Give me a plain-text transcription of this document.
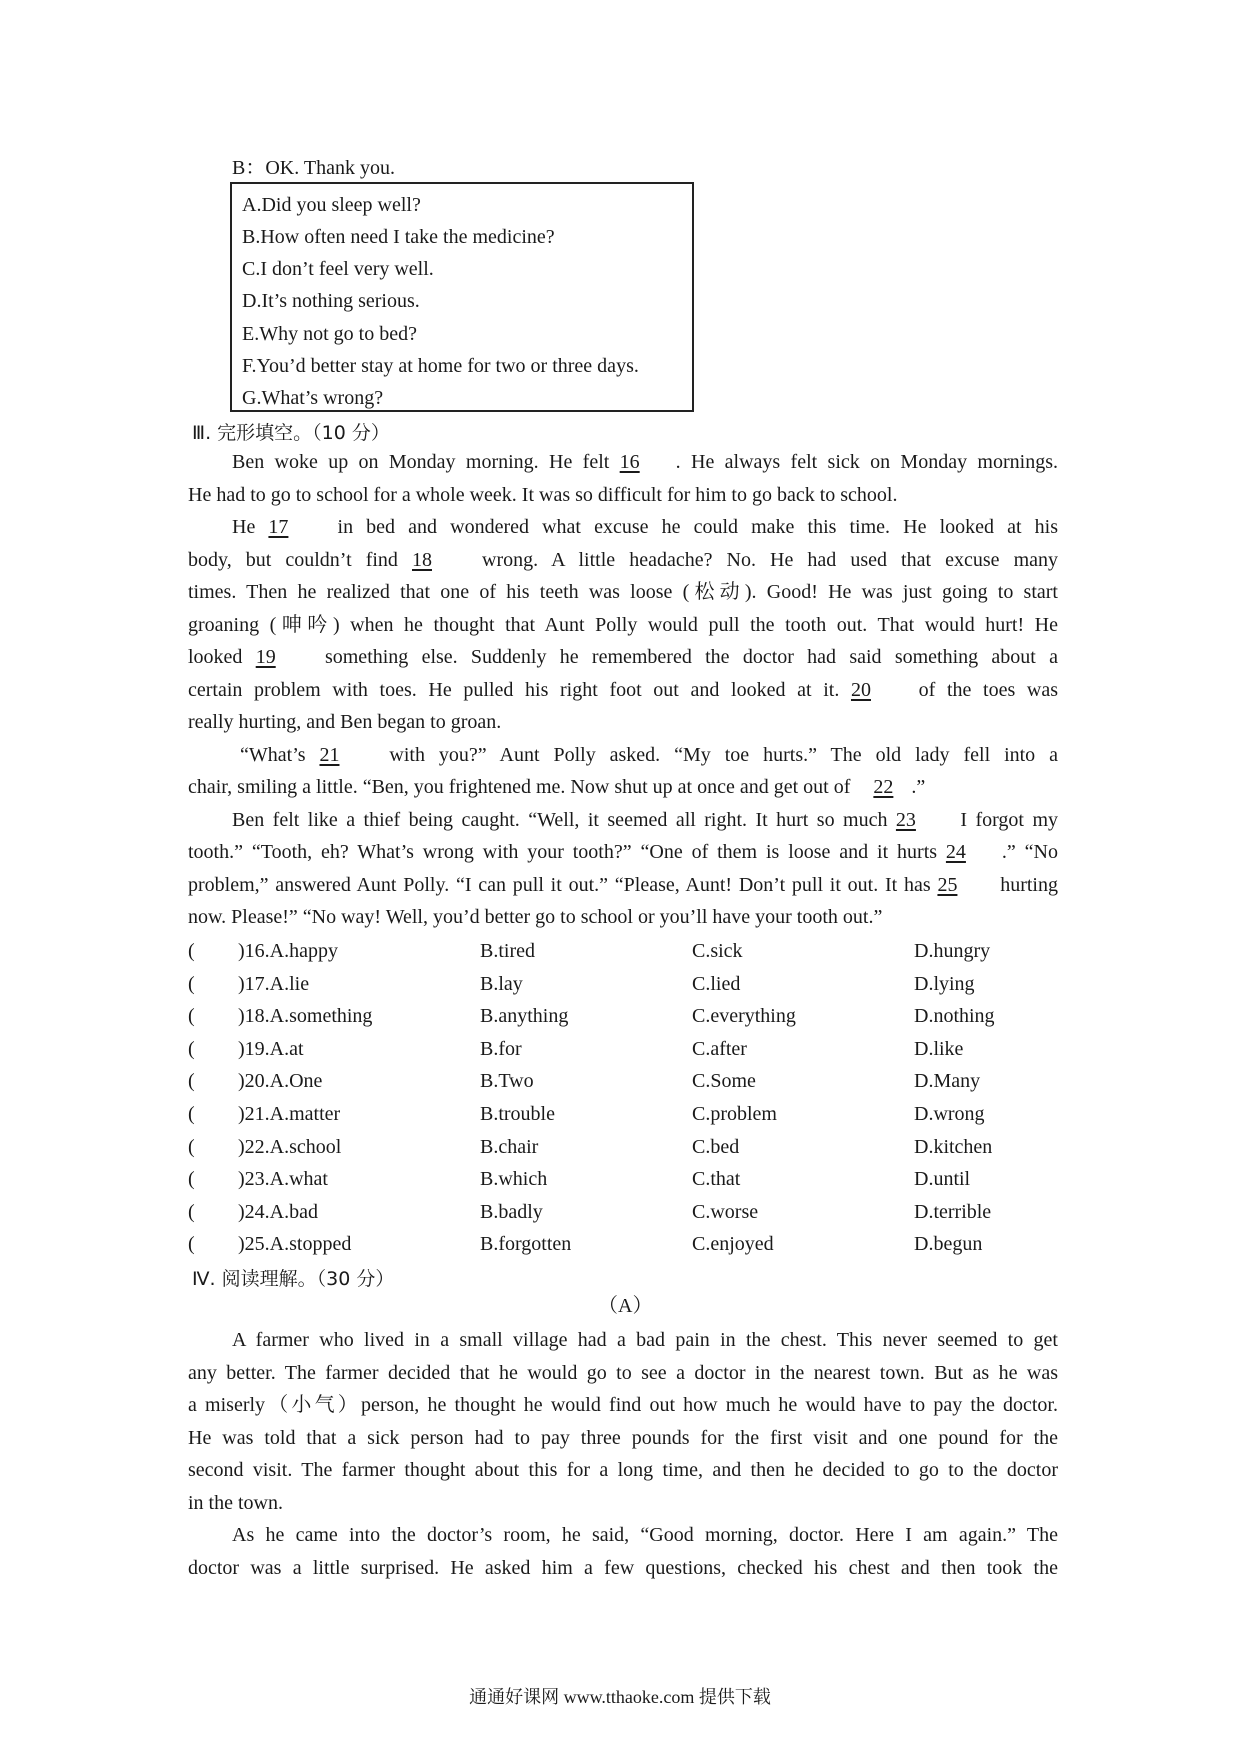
B：OK. Thank you.
A.Did you sleep well?
B.How often need I take the medicine?
C.I don’t feel very well.
D.It’s nothing serious.
E.Why not go to bed?
F.You’d better stay at home for two or three days.
G.What’s wrong?
Ⅲ. 完形填空。（10 分）
Ben woke up on Monday morning. He felt 16 . He always felt sick on Monday mornings.
He had to go to school for a whole week. It was so difficult for him to go back to school.
He 17 in bed and wondered what excuse he could make this time. He looked at his
body, but couldn’t find 18 wrong. A little headache? No. He had used that excuse many
times. Then he realized that one of his teeth was loose (松动). Good! He was just going to start
groaning (呻吟) when he thought that Aunt Polly would pull the tooth out. That would hurt! He
looked 19 something else. Suddenly he remembered the doctor had said something about a
certain problem with toes. He pulled his right foot out and looked at it. 20 of the toes was
really hurting, and Ben began to groan.
“What’s 21 with you?” Aunt Polly asked. “My toe hurts.” The old lady fell into a
chair, smiling a little. “Ben, you frightened me. Now shut up at once and get out of 22 .”
Ben felt like a thief being caught. “Well, it seemed all right. It hurt so much 23 I forgot my
tooth.” “Tooth, eh? What’s wrong with your tooth?” “One of them is loose and it hurts 24 .” “No
problem,” answered Aunt Polly. “I can pull it out.” “Please, Aunt! Don’t pull it out. It has 25 hurting
now. Please!” “No way! Well, you’d better go to school or you’ll have your tooth out.”
( )16.A.happy	B.tired	C.sick	D.hungry
( )17.A.lie	B.lay	C.lied	D.lying
( )18.A.something	B.anything	C.everything	D.nothing
( )19.A.at	B.for	C.after	D.like
( )20.A.One	B.Two	C.Some	D.Many
( )21.A.matter	B.trouble	C.problem	D.wrong
( )22.A.school	B.chair	C.bed	D.kitchen
( )23.A.what	B.which	C.that	D.until
( )24.A.bad	B.badly	C.worse	D.terrible
( )25.A.stopped	B.forgotten	C.enjoyed	D.begun
Ⅳ. 阅读理解。（30 分）
（A）
A farmer who lived in a small village had a bad pain in the chest. This never seemed to get
any better. The farmer decided that he would go to see a doctor in the nearest town. But as he was
a miserly（小气）person, he thought he would find out how much he would have to pay the doctor.
He was told that a sick person had to pay three pounds for the first visit and one pound for the
second visit. The farmer thought about this for a long time, and then he decided to go to the doctor
in the town.
As he came into the doctor’s room, he said, “Good morning, doctor. Here I am again.” The
doctor was a little surprised. He asked him a few questions, checked his chest and then took the
通通好课网 www.tthaoke.com 提供下载
